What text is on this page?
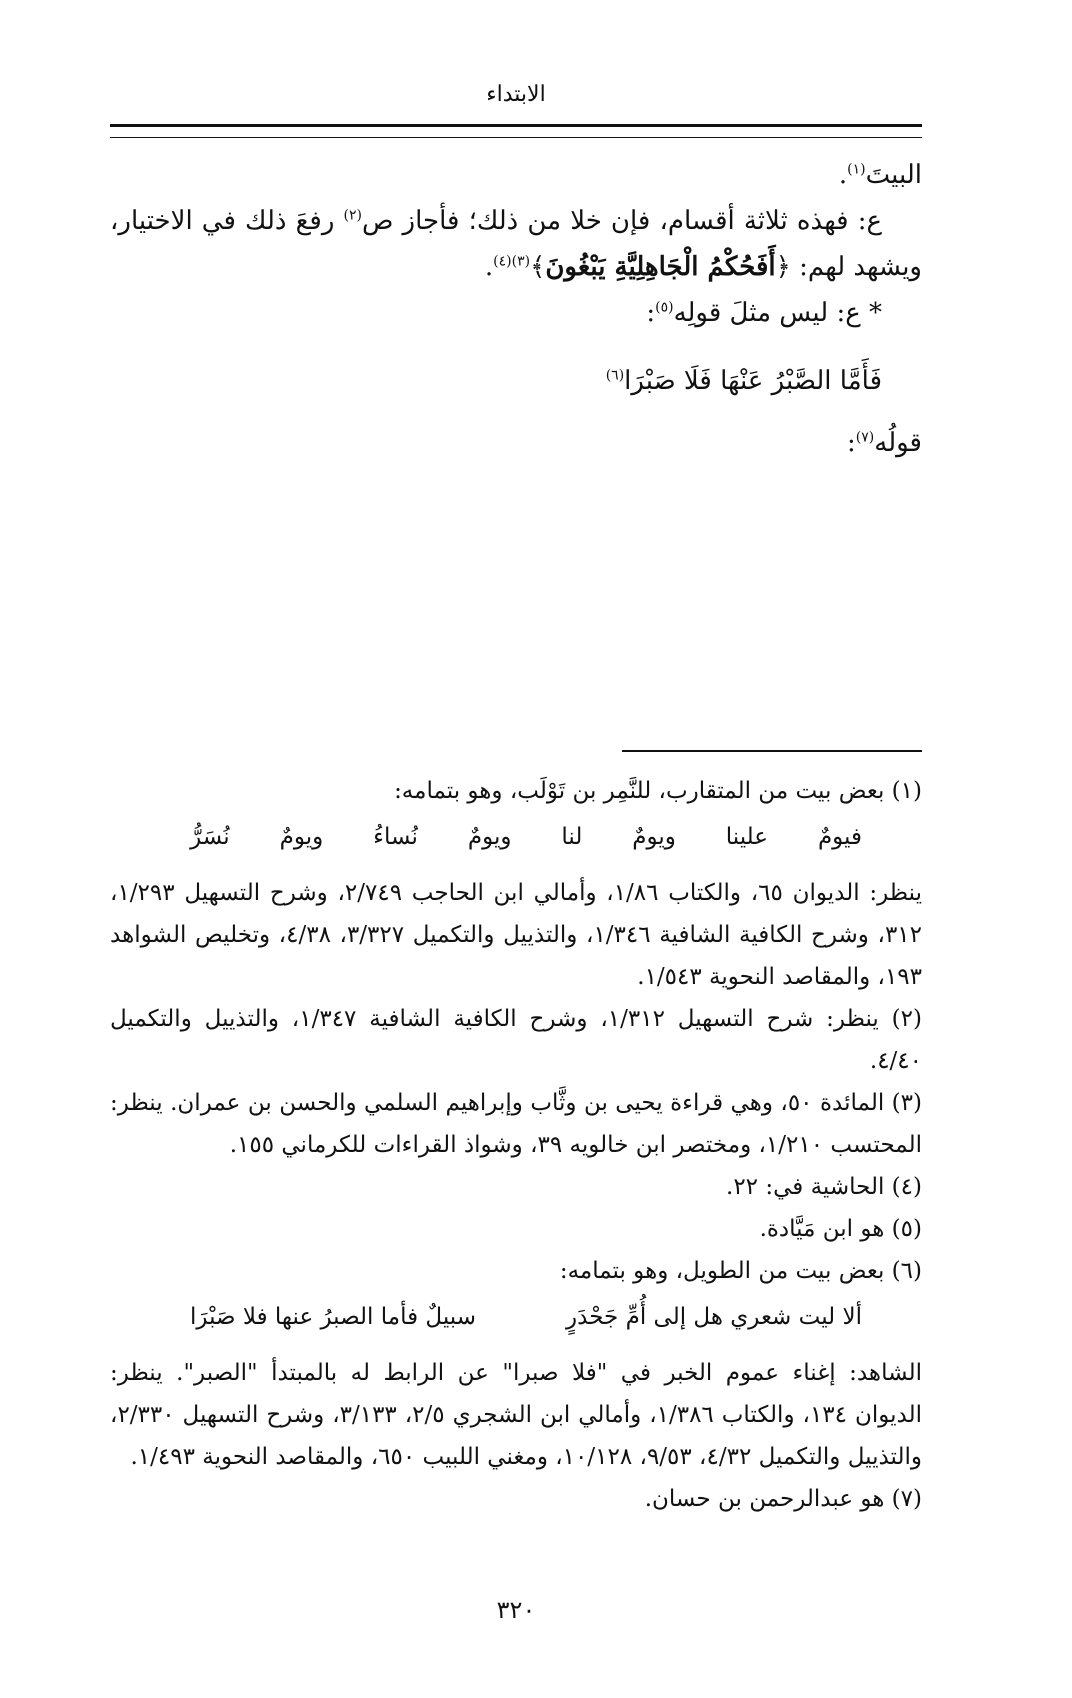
الابتداء

البيتَ$^{(١)}$.

ع: فهذه ثلاثة أقسام، فإن خلا من ذلك؛ فأجاز ص$^{(٢)}$ رفعَ ذلك في الاختيار، ويشهد لهم: ﴿أَفَحُكْمُ الْجَاهِلِيَّةِ يَبْغُونَ﴾$^{(٣)(٤)}$.

* ع: ليس مثلَ قولِه$^{(٥)}$:

فَأَمَّا الصَّبْرُ عَنْهَا فَلَا صَبْرَا$^{(٦)}$

قولُه$^{(٧)}$:

(١) بعض بيت من المتقارب، للنَّمِر بن تَوْلَب، وهو بتمامه:

فيومٌ
علينا
ويومٌ
لنا
ويومٌ
نُساءُ
ويومٌ
نُسَرُّ

ينظر: الديوان ٦٥، والكتاب ١/٨٦، وأمالي ابن الحاجب ٢/٧٤٩، وشرح التسهيل ١/٢٩٣، ٣١٢، وشرح الكافية الشافية ١/٣٤٦، والتذييل والتكميل ٣/٣٢٧، ٤/٣٨، وتخليص الشواهد ١٩٣، والمقاصد النحوية ١/٥٤٣.

(٢) ينظر: شرح التسهيل ١/٣١٢، وشرح الكافية الشافية ١/٣٤٧، والتذييل والتكميل ٤/٤٠.

(٣) المائدة ٥٠، وهي قراءة يحيى بن وثَّاب وإبراهيم السلمي والحسن بن عمران. ينظر: المحتسب ١/٢١٠، ومختصر ابن خالويه ٣٩، وشواذ القراءات للكرماني ١٥٥.

(٤) الحاشية في: ٢٢.

(٥) هو ابن مَيَّادة.

(٦) بعض بيت من الطويل، وهو بتمامه:

ألا ليت شعري هل إلى أُمِّ جَحْدَرٍ
سبيلٌ فأما الصبرُ عنها فلا صَبْرَا

الشاهد: إغناء عموم الخبر في "فلا صبرا" عن الرابط له بالمبتدأ "الصبر". ينظر: الديوان ١٣٤، والكتاب ١/٣٨٦، وأمالي ابن الشجري ٢/٥، ٣/١٣٣، وشرح التسهيل ٢/٣٣٠، والتذييل والتكميل ٤/٣٢، ٩/٥٣، ١٠/١٢٨، ومغني اللبيب ٦٥٠، والمقاصد النحوية ١/٤٩٣.

(٧) هو عبدالرحمن بن حسان.

٣٢٠
